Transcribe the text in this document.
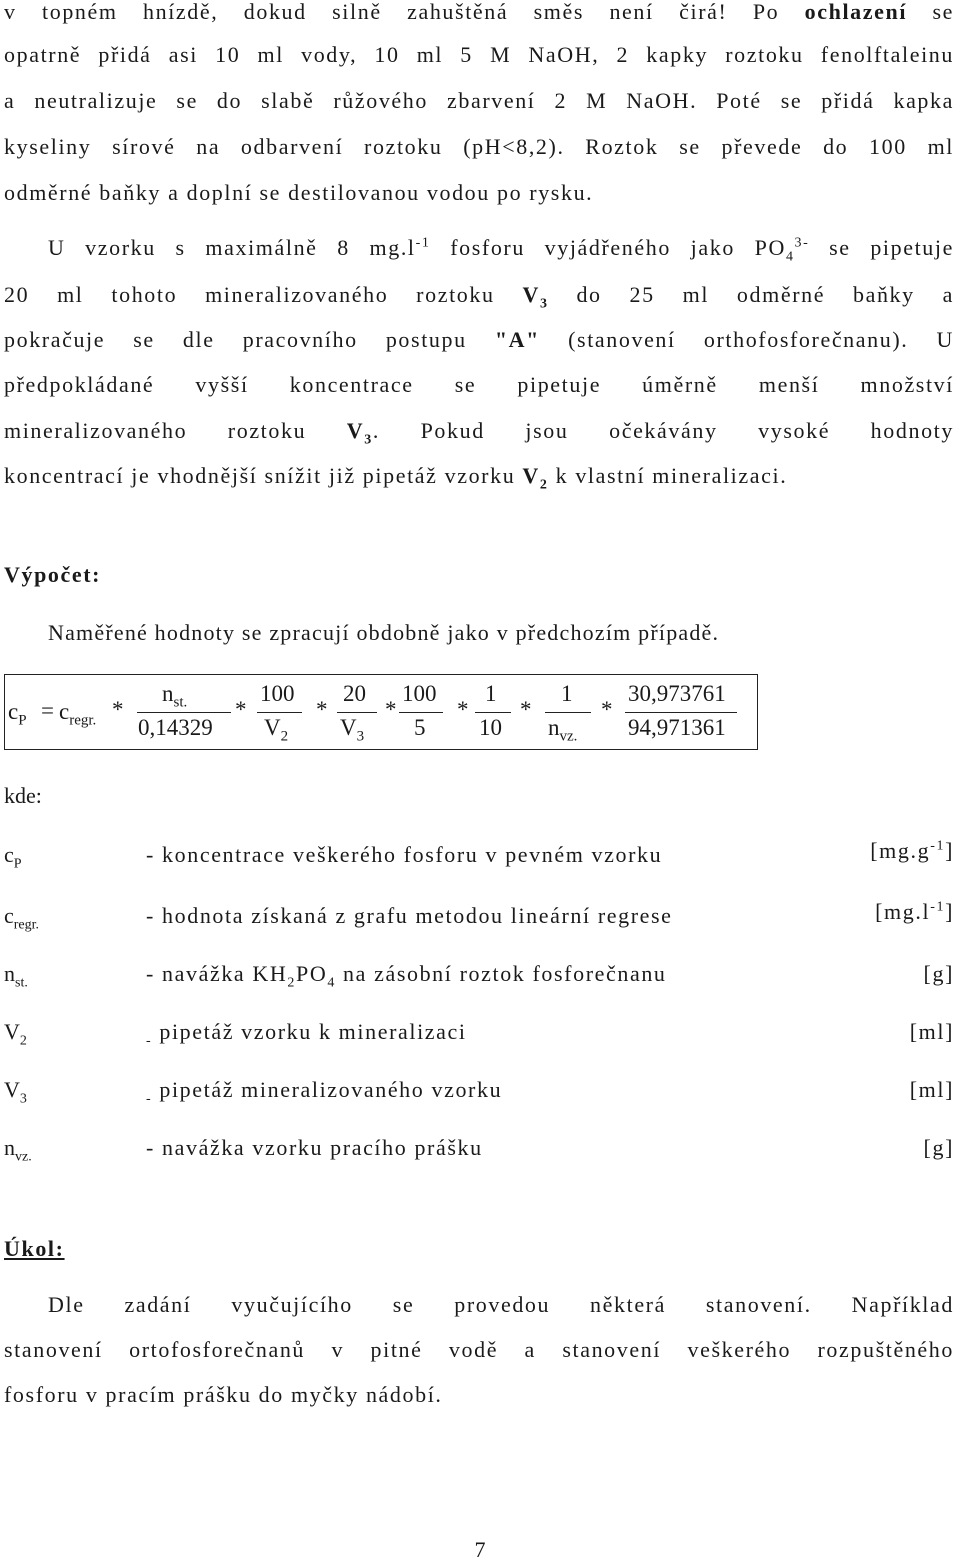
v topném hnízdě, dokud silně zahuštěná směs není čirá! Po ochlazení se
opatrně přidá asi 10 ml vody, 10 ml 5 M NaOH, 2 kapky roztoku fenolftaleinu
a neutralizuje se do slabě růžového zbarvení 2 M NaOH. Poté se přidá kapka
kyseliny sírové na odbarvení roztoku (pH<8,2). Roztok se převede do 100 ml
odměrné baňky a doplní se destilovanou vodou po rysku.
U vzorku s maximálně 8 $mg.l^{-1}$ fosforu vyjádřeného jako $PO_4^{3-}$ se pipetuje
20 ml tohoto mineralizovaného roztoku $V_3$ do 25 ml odměrné baňky a
pokračuje se dle pracovního postupu "A" (stanovení orthofosforečnanu). U
předpokládané vyšší koncentrace se pipetuje úměrně menší množství
mineralizovaného roztoku $V_3$. Pokud jsou očekávány vysoké hodnoty
koncentrací je vhodnější snížit již pipetáž vzorku $V_2$ k vlastní mineralizaci.
Výpočet:
Naměřené hodnoty se zpracují obdobně jako v předchozím případě.
$c_P = c_{regr.}$ *
$n_{st.}$
0,14329
*
100
$V_2$
*
20
$V_3$
*
100
5
*
1
10
*
1
$n_{vz.}$
*
30,973761
94,971361
kde:
$c_P$	- koncentrace veškerého fosforu v pevném vzorku	$[mg.g^{-1}]$
$c_{regr.}$	- hodnota získaná z grafu metodou lineární regrese	$[mg.l^{-1}]$
$n_{st.}$	- navážka $KH_2PO_4$ na zásobní roztok fosforečnanu	[g]
$V_2$	$_-$ pipetáž vzorku k mineralizaci	[ml]
$V_3$	$_-$ pipetáž mineralizovaného vzorku	[ml]
$n_{vz.}$	- navážka vzorku pracího prášku	[g]
Úkol:
Dle zadání vyučujícího se provedou některá stanovení. Například
stanovení ortofosforečnanů v pitné vodě a stanovení veškerého rozpuštěného
fosforu v pracím prášku do myčky nádobí.
7
